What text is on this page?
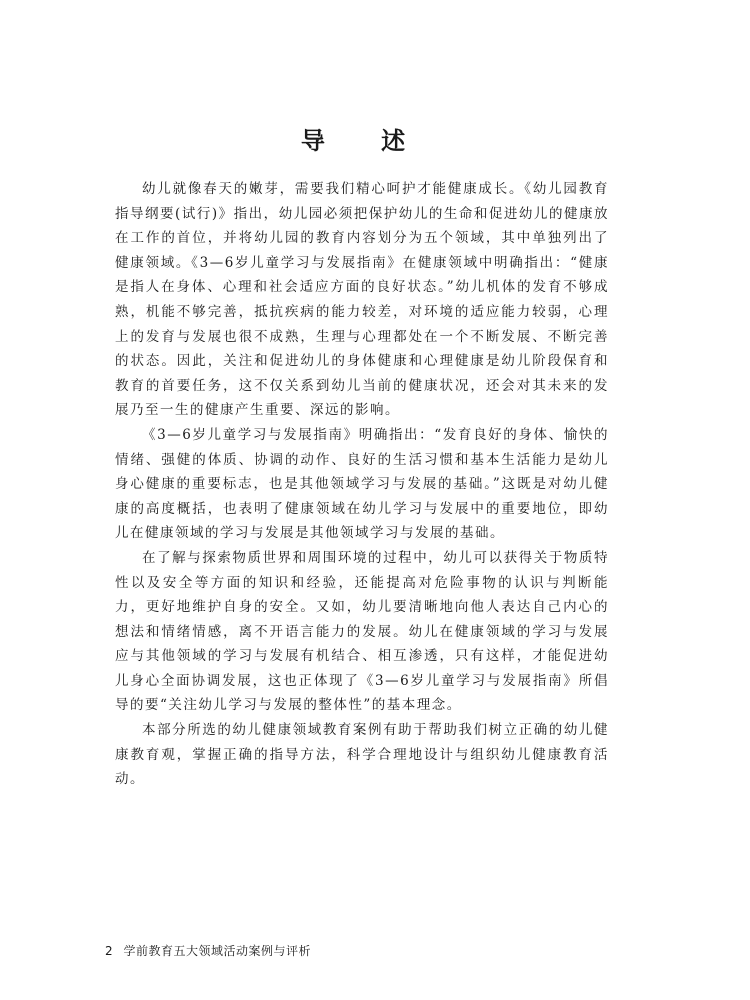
导 述

幼儿就像春天的嫩芽，需要我们精心呵护才能健康成长。《幼儿园教育指导纲要(试行)》指出，幼儿园必须把保护幼儿的生命和促进幼儿的健康放在工作的首位，并将幼儿园的教育内容划分为五个领域，其中单独列出了健康领域。《3—6岁儿童学习与发展指南》在健康领域中明确指出：“健康是指人在身体、心理和社会适应方面的良好状态。”幼儿机体的发育不够成熟，机能不够完善，抵抗疾病的能力较差，对环境的适应能力较弱，心理上的发育与发展也很不成熟，生理与心理都处在一个不断发展、不断完善的状态。因此，关注和促进幼儿的身体健康和心理健康是幼儿阶段保育和教育的首要任务，这不仅关系到幼儿当前的健康状况，还会对其未来的发展乃至一生的健康产生重要、深远的影响。

《3—6岁儿童学习与发展指南》明确指出：“发育良好的身体、愉快的情绪、强健的体质、协调的动作、良好的生活习惯和基本生活能力是幼儿身心健康的重要标志，也是其他领域学习与发展的基础。”这既是对幼儿健康的高度概括，也表明了健康领域在幼儿学习与发展中的重要地位，即幼儿在健康领域的学习与发展是其他领域学习与发展的基础。

在了解与探索物质世界和周围环境的过程中，幼儿可以获得关于物质特性以及安全等方面的知识和经验，还能提高对危险事物的认识与判断能力，更好地维护自身的安全。又如，幼儿要清晰地向他人表达自己内心的想法和情绪情感，离不开语言能力的发展。幼儿在健康领域的学习与发展应与其他领域的学习与发展有机结合、相互渗透，只有这样，才能促进幼儿身心全面协调发展，这也正体现了《3—6岁儿童学习与发展指南》所倡导的要“关注幼儿学习与发展的整体性”的基本理念。

本部分所选的幼儿健康领域教育案例有助于帮助我们树立正确的幼儿健康教育观，掌握正确的指导方法，科学合理地设计与组织幼儿健康教育活动。

2 学前教育五大领域活动案例与评析
